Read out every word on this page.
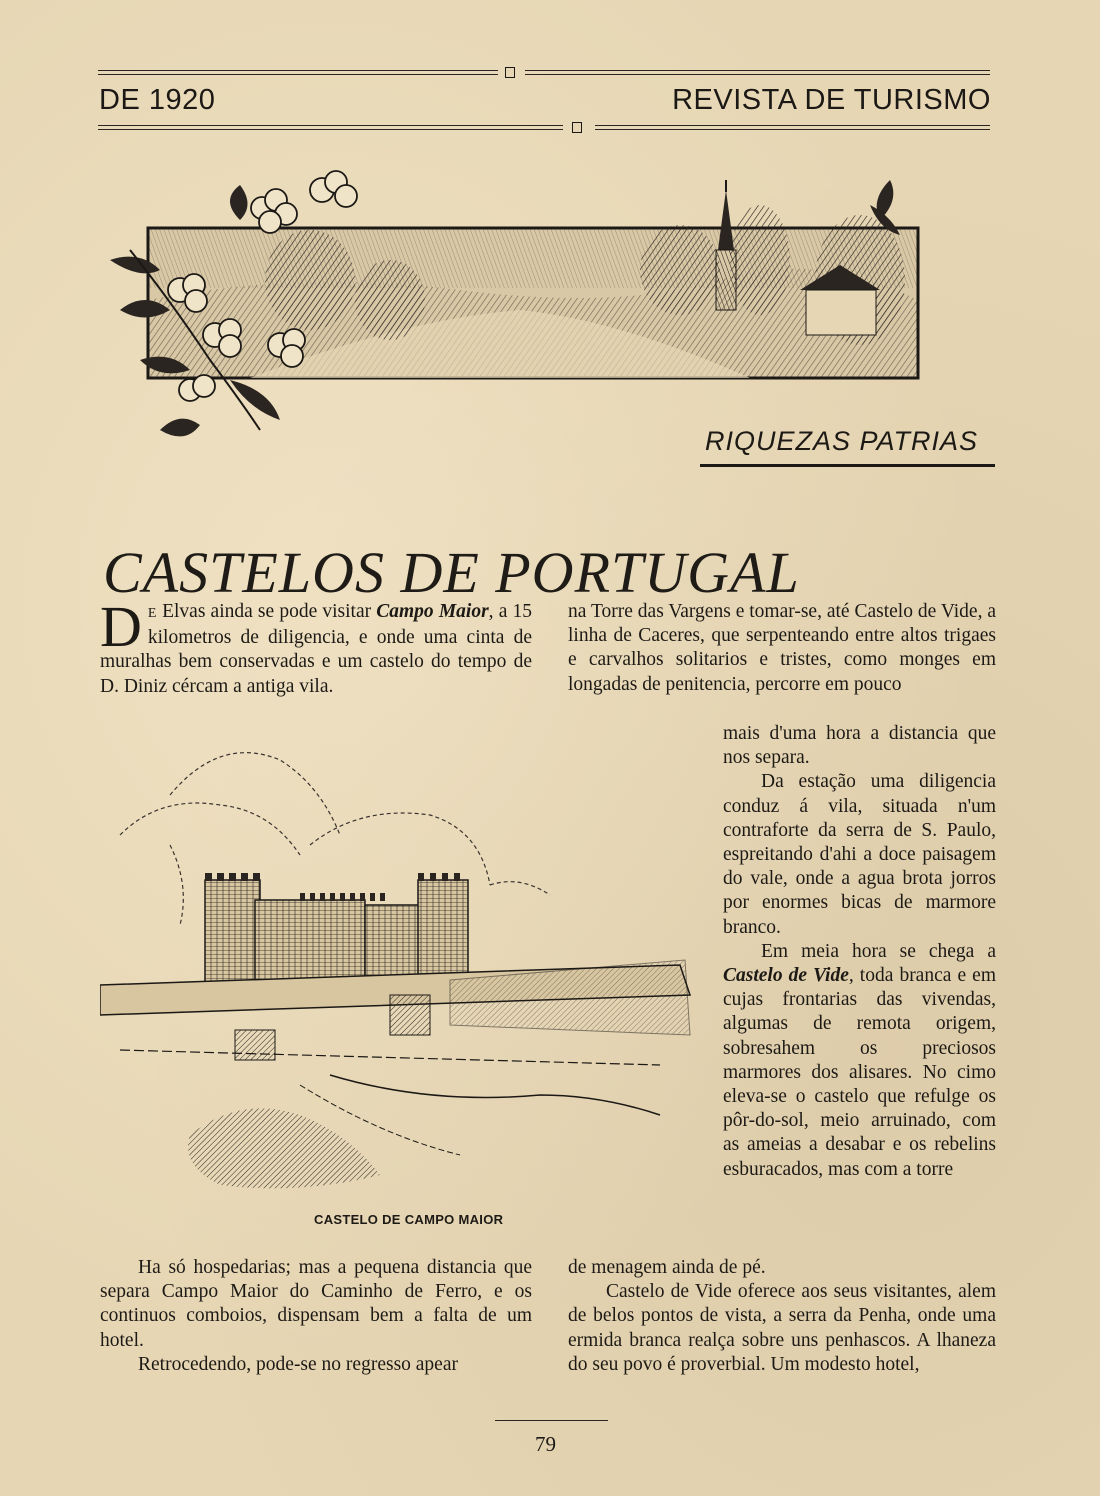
DE 1920	REVISTA DE TURISMO
RIQUEZAS PATRIAS
CASTELOS DE PORTUGAL

D E Elvas ainda se pode visitar Campo Maior, a 15 kilometros de diligencia, e onde uma cinta de muralhas bem conservadas e um castelo do tempo de D. Diniz cércam a antiga vila.

CASTELO DE CAMPO MAIOR

Ha só hospedarias; mas a pequena distancia que separa Campo Maior do Caminho de Ferro, e os continuos comboios, dispensam bem a falta de um hotel.

Retrocedendo, pode-se no regresso apear

na Torre das Vargens e tomar-se, até Castelo de Vide, a linha de Caceres, que serpenteando entre altos trigaes e carvalhos solitarios e tristes, como monges em longadas de penitencia, percorre em pouco

mais d'uma hora a distancia que nos separa.

Da estação uma diligencia conduz á vila, situada n'um contraforte da serra de S. Paulo, espreitando d'ahi a doce paisagem do vale, onde a agua brota jorros por enormes bicas de marmore branco.

Em meia hora se chega a Castelo de Vide, toda branca e em cujas frontarias das vivendas, algumas de remota origem, sobresahem os preciosos marmores dos alisares. No cimo eleva-se o castelo que refulge os pôr-do-sol, meio arruinado, com as ameias a desabar e os rebelins esburacados, mas com a torre

de menagem ainda de pé.

Castelo de Vide oferece aos seus visitantes, alem de belos pontos de vista, a serra da Penha, onde uma ermida branca realça sobre uns penhascos. A lhaneza do seu povo é proverbial. Um modesto hotel,

79
